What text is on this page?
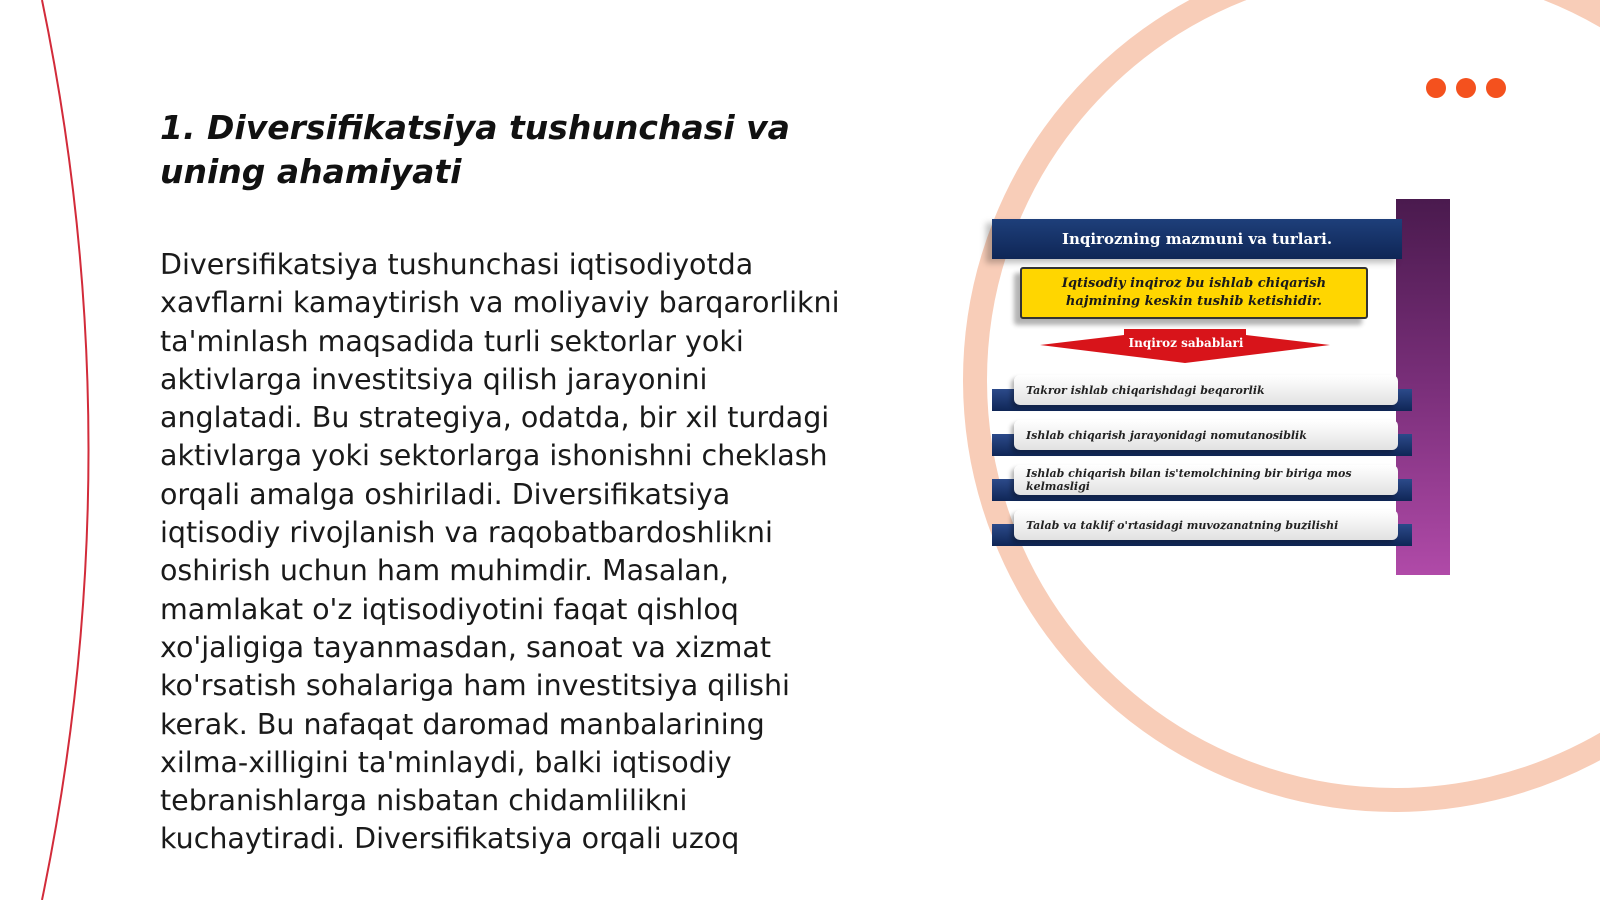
1. Diversifikatsiya tushunchasi va uning ahamiyati

Diversifikatsiya tushunchasi iqtisodiyotda xavflarni kamaytirish va moliyaviy barqarorlikni ta'minlash maqsadida turli sektorlar yoki aktivlarga investitsiya qilish jarayonini anglatadi. Bu strategiya, odatda, bir xil turdagi aktivlarga yoki sektorlarga ishonishni cheklash orqali amalga oshiriladi. Diversifikatsiya iqtisodiy rivojlanish va raqobatbardoshlikni oshirish uchun ham muhimdir. Masalan, mamlakat o'z iqtisodiyotini faqat qishloq xo'jaligiga tayanmasdan, sanoat va xizmat ko'rsatish sohalariga ham investitsiya qilishi kerak. Bu nafaqat daromad manbalarining xilma-xilligini ta'minlaydi, balki iqtisodiy tebranishlarga nisbatan chidamlilikni kuchaytiradi. Diversifikatsiya orqali uzoq

Inqirozning mazmuni va turlari.
Iqtisodiy inqiroz bu ishlab chiqarish hajmining keskin tushib ketishidir.
Inqiroz sabablari
Takror ishlab chiqarishdagi beqarorlik
Ishlab chiqarish jarayonidagi nomutanosiblik
Ishlab chiqarish bilan is'temolchining bir biriga mos kelmasligi
Talab va taklif o'rtasidagi muvozanatning buzilishi
